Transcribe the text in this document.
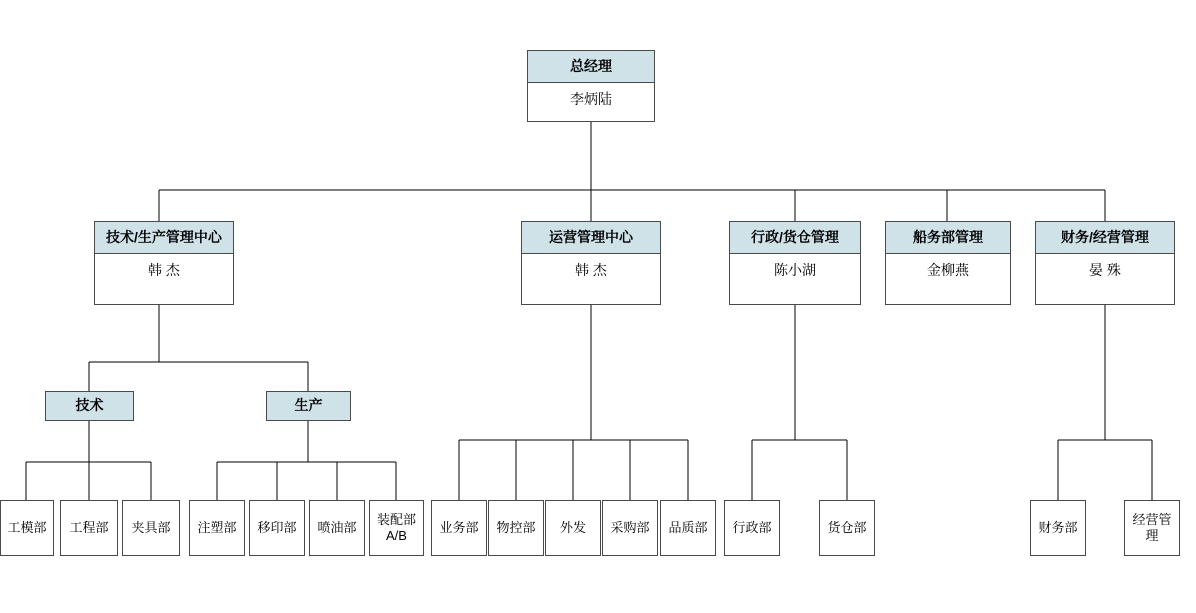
总经理
李炳陆
技术/生产管理中心
韩 杰
运营管理中心
韩 杰
行政/货仓管理
陈小湖
船务部管理
金柳燕
财务/经营管理
晏 殊
技术	生产
工模部	工程部	夹具部	注塑部	移印部	喷油部
装配部A/B
业务部	物控部	外发	采购部	品质部	行政部	货仓部	财务部
经营管理
